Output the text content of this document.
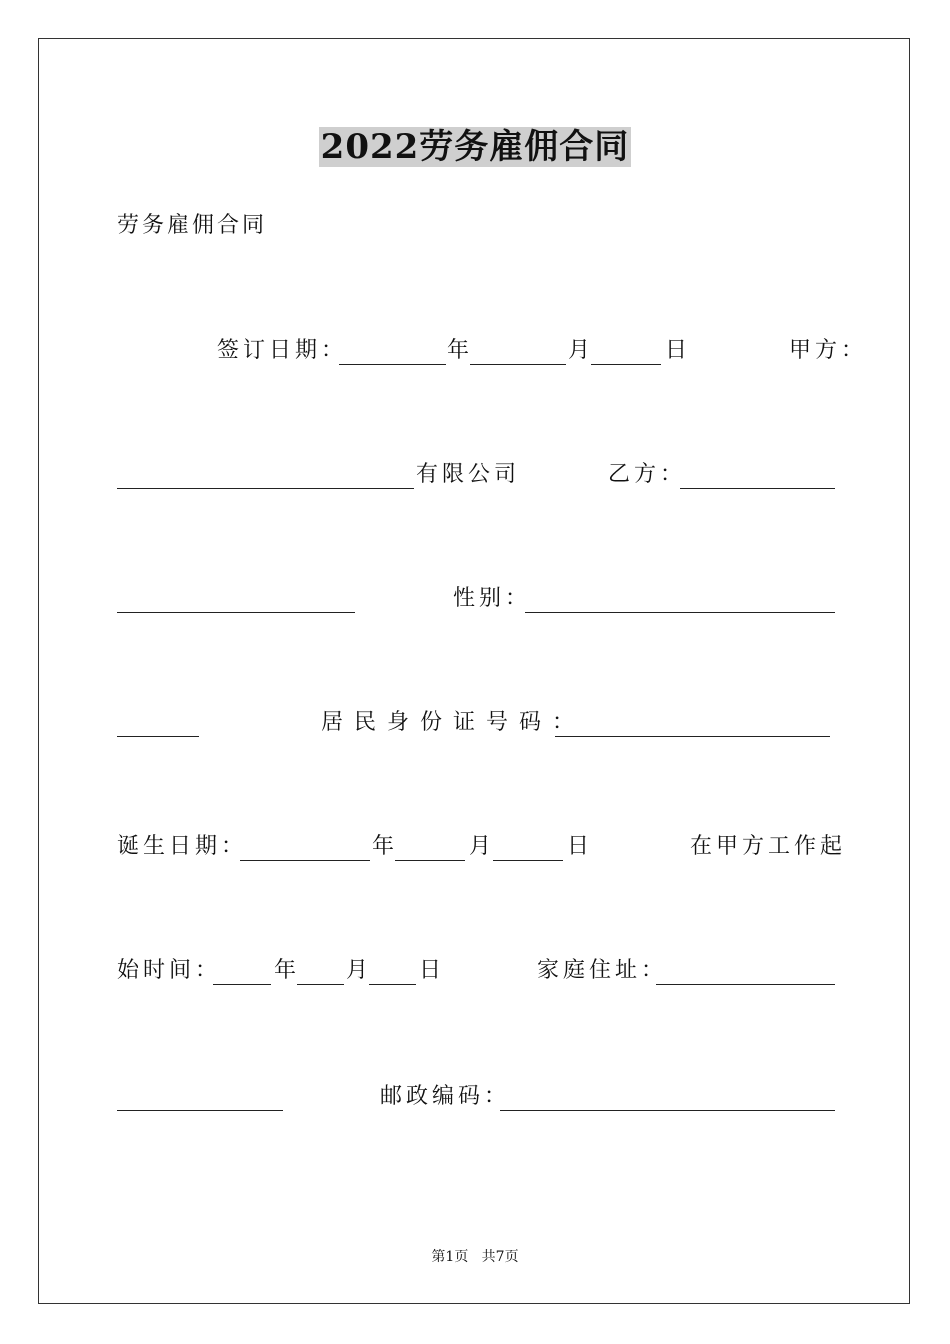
2022劳务雇佣合同
劳务雇佣合同
签订日期：	年	月	日	甲方：
有限公司	乙方：
性别：
居民身份证号码：
诞生日期：	年	月	日	在甲方工作起
始时间： 年 月 日	家庭住址：
邮政编码：
第1页   共7页
